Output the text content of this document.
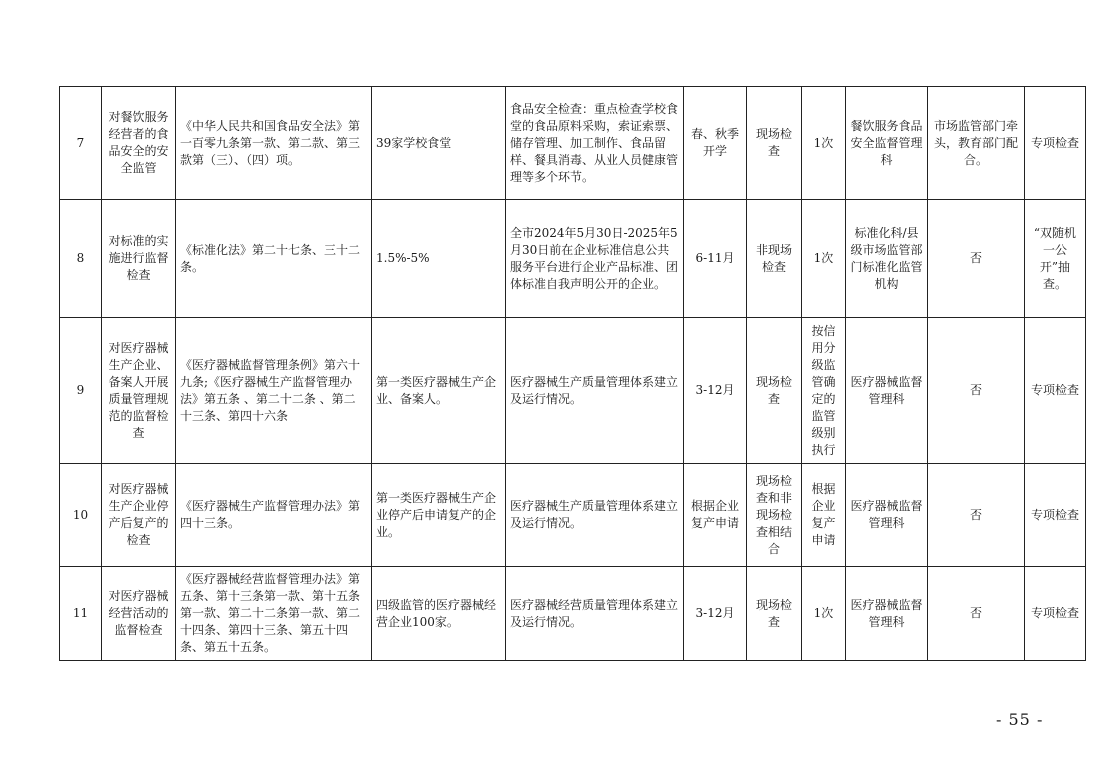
7	对餐饮服务经营者的食品安全的安全监管	《中华人民共和国食品安全法》第一百零九条第一款、第二款、第三款第（三）、（四）项。	39家学校食堂	食品安全检查：重点检查学校食堂的食品原料采购，索证索票、储存管理、加工制作、食品留样、餐具消毒、从业人员健康管理等多个环节。	春、秋季开学	现场检查	1次	餐饮服务食品安全监督管理科	市场监管部门牵头，教育部门配合。	专项检查
8	对标准的实施进行监督检查	《标准化法》第二十七条、三十二条。	1.5%-5%	全市2024年5月30日-2025年5月30日前在企业标准信息公共服务平台进行企业产品标准、团体标准自我声明公开的企业。	6-11月	非现场检查	1次	标准化科/县级市场监管部门标准化监管机构	否	“双随机一公开”抽查。
9	对医疗器械生产企业、备案人开展质量管理规范的监督检查	《医疗器械监督管理条例》第六十九条;《医疗器械生产监督管理办法》第五条 、第二十二条 、第二十三条、第四十六条	第一类医疗器械生产企业、备案人。	医疗器械生产质量管理体系建立及运行情况。	3-12月	现场检查	按信用分级监管确定的监管级别执行	医疗器械监督管理科	否	专项检查
10	对医疗器械生产企业停产后复产的检查	《医疗器械生产监督管理办法》第四十三条。	第一类医疗器械生产企业停产后申请复产的企业。	医疗器械生产质量管理体系建立及运行情况。	根据企业复产申请	现场检查和非现场检查相结合	根据企业复产申请	医疗器械监督管理科	否	专项检查
11	对医疗器械经营活动的监督检查	《医疗器械经营监督管理办法》第五条、第十三条第一款、第十五条第一款、第二十二条第一款、第二十四条、第四十三条、第五十四条、第五十五条。	四级监管的医疗器械经营企业100家。	医疗器械经营质量管理体系建立及运行情况。	3-12月	现场检查	1次	医疗器械监督管理科	否	专项检查
- 55 -
